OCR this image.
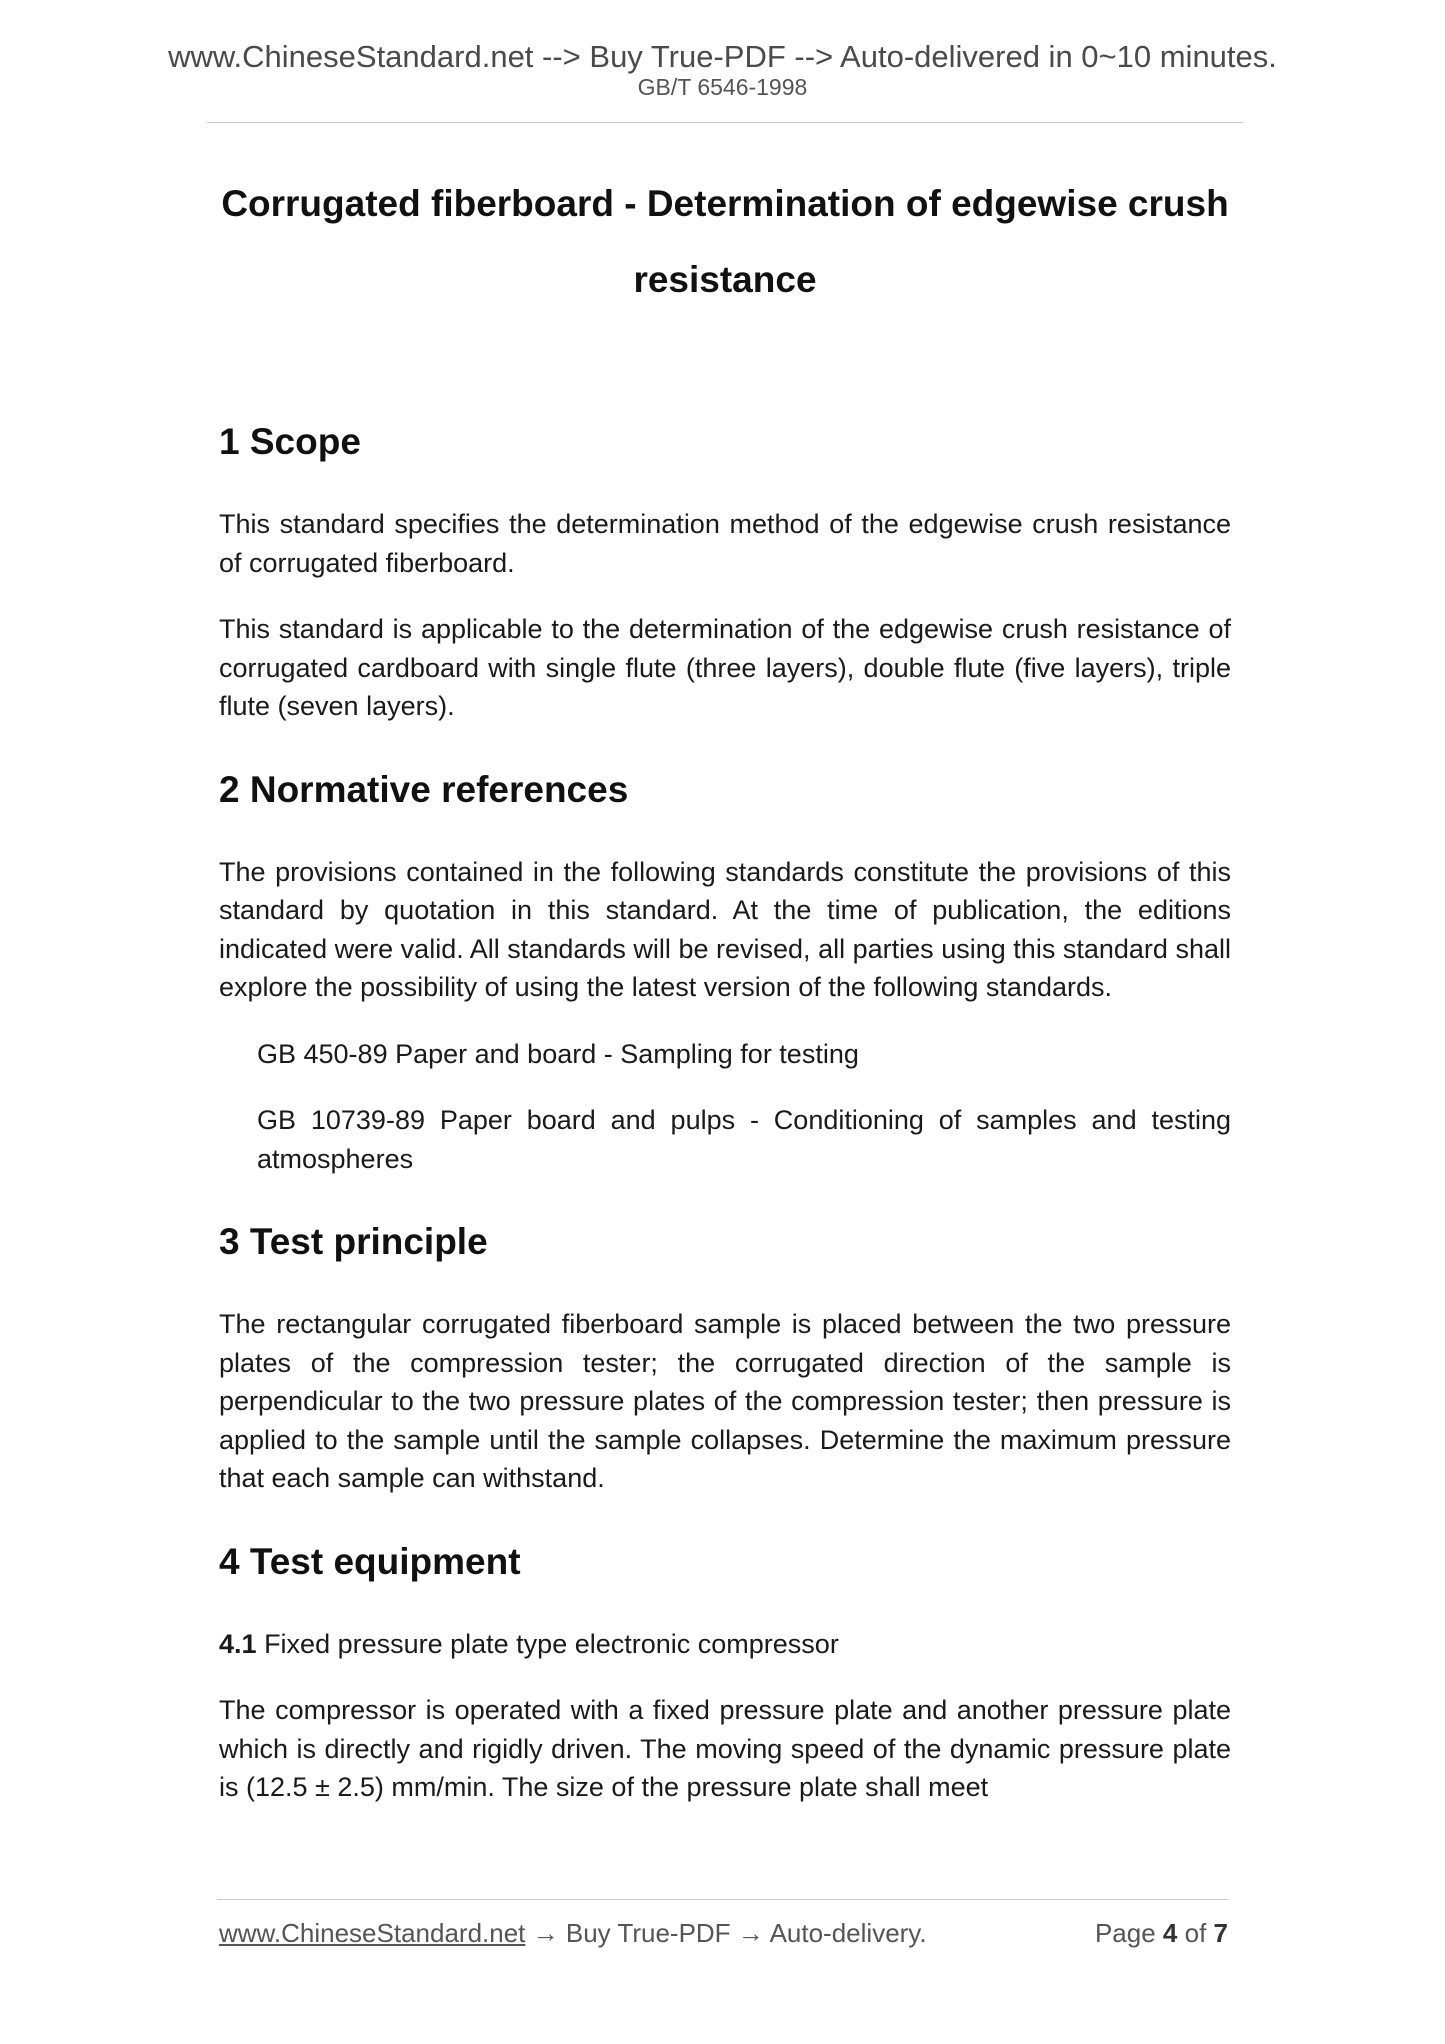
www.ChineseStandard.net --> Buy True-PDF --> Auto-delivered in 0~10 minutes.
GB/T 6546-1998
Corrugated fiberboard - Determination of edgewise crush resistance
1 Scope

This standard specifies the determination method of the edgewise crush resistance of corrugated fiberboard.

This standard is applicable to the determination of the edgewise crush resistance of corrugated cardboard with single flute (three layers), double flute (five layers), triple flute (seven layers).

2 Normative references

The provisions contained in the following standards constitute the provisions of this standard by quotation in this standard. At the time of publication, the editions indicated were valid. All standards will be revised, all parties using this standard shall explore the possibility of using the latest version of the following standards.

GB 450-89 Paper and board - Sampling for testing

GB 10739-89 Paper board and pulps - Conditioning of samples and testing atmospheres

3 Test principle

The rectangular corrugated fiberboard sample is placed between the two pressure plates of the compression tester; the corrugated direction of the sample is perpendicular to the two pressure plates of the compression tester; then pressure is applied to the sample until the sample collapses. Determine the maximum pressure that each sample can withstand.

4 Test equipment

4.1 Fixed pressure plate type electronic compressor

The compressor is operated with a fixed pressure plate and another pressure plate which is directly and rigidly driven. The moving speed of the dynamic pressure plate is (12.5 ± 2.5) mm/min. The size of the pressure plate shall meet

www.ChineseStandard.net → Buy True-PDF → Auto-delivery.	Page 4 of 7
